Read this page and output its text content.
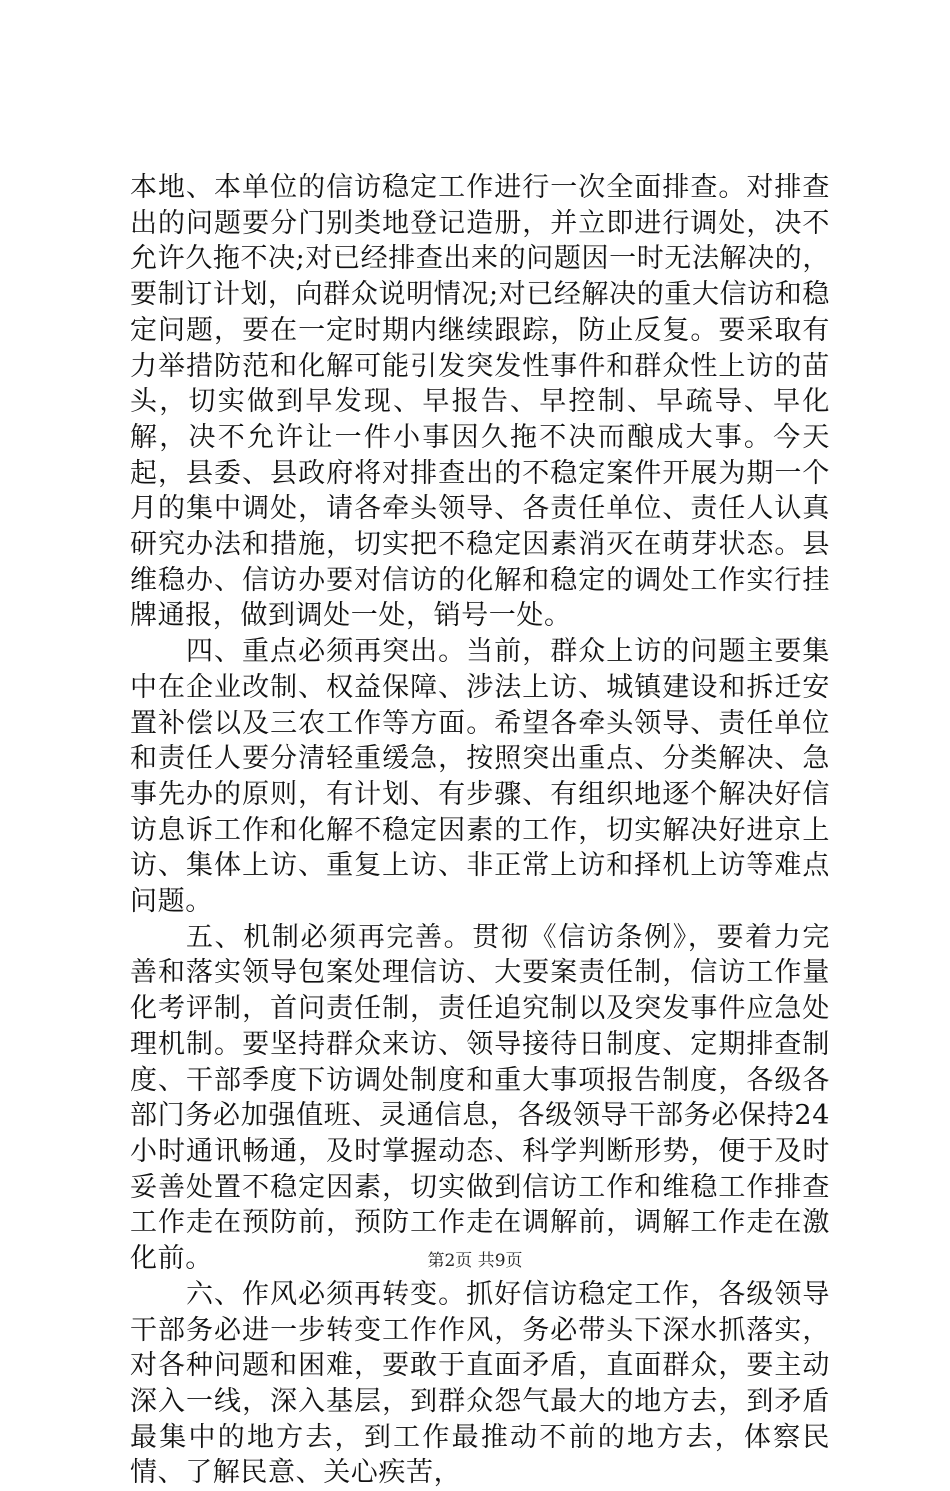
本地、本单位的信访稳定工作进行一次全面排查。对排查出的问题要分门别类地登记造册，并立即进行调处，决不允许久拖不决;对已经排查出来的问题因一时无法解决的，要制订计划，向群众说明情况;对已经解决的重大信访和稳定问题，要在一定时期内继续跟踪，防止反复。要采取有力举措防范和化解可能引发突发性事件和群众性上访的苗头，切实做到早发现、早报告、早控制、早疏导、早化解，决不允许让一件小事因久拖不决而酿成大事。今天起，县委、县政府将对排查出的不稳定案件开展为期一个月的集中调处，请各牵头领导、各责任单位、责任人认真研究办法和措施，切实把不稳定因素消灭在萌芽状态。县维稳办、信访办要对信访的化解和稳定的调处工作实行挂牌通报，做到调处一处，销号一处。

四、重点必须再突出。当前，群众上访的问题主要集中在企业改制、权益保障、涉法上访、城镇建设和拆迁安置补偿以及三农工作等方面。希望各牵头领导、责任单位和责任人要分清轻重缓急，按照突出重点、分类解决、急事先办的原则，有计划、有步骤、有组织地逐个解决好信访息诉工作和化解不稳定因素的工作，切实解决好进京上访、集体上访、重复上访、非正常上访和择机上访等难点问题。

五、机制必须再完善。贯彻《信访条例》，要着力完善和落实领导包案处理信访、大要案责任制，信访工作量化考评制，首问责任制，责任追究制以及突发事件应急处理机制。要坚持群众来访、领导接待日制度、定期排查制度、干部季度下访调处制度和重大事项报告制度，各级各部门务必加强值班、灵通信息，各级领导干部务必保持24小时通讯畅通，及时掌握动态、科学判断形势，便于及时妥善处置不稳定因素，切实做到信访工作和维稳工作排查工作走在预防前，预防工作走在调解前，调解工作走在激化前。

六、作风必须再转变。抓好信访稳定工作，各级领导干部务必进一步转变工作作风，务必带头下深水抓落实，对各种问题和困难，要敢于直面矛盾，直面群众，要主动深入一线，深入基层，到群众怨气最大的地方去，到矛盾最集中的地方去，到工作最推动不前的地方去，体察民情、了解民意、关心疾苦，

第2页 共9页
